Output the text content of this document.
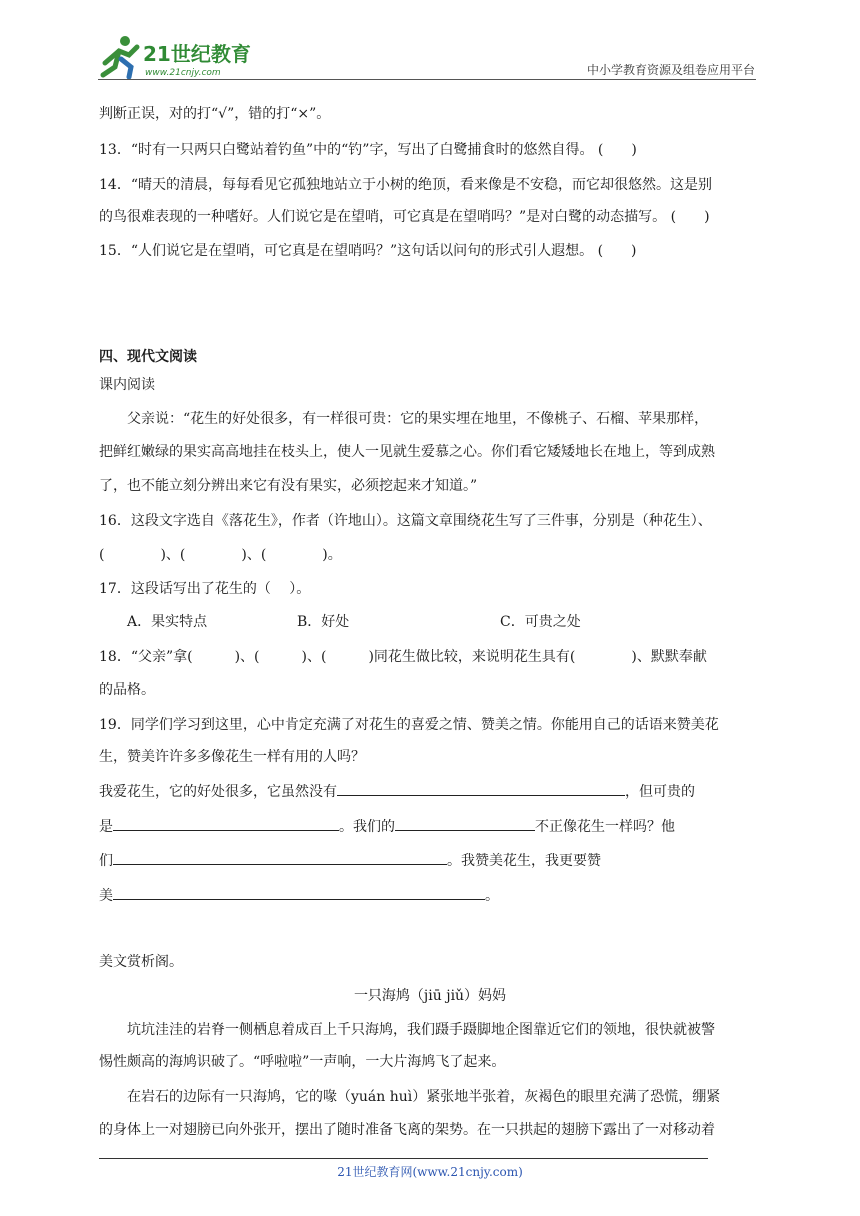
21世纪教育
www.21cnjy.com	中小学教育资源及组卷应用平台
判断正误，对的打“√”，错的打“×”。
13．“时有一只两只白鹭站着钓鱼”中的“钓”字，写出了白鹭捕食时的悠然自得。 (　　)
14．“晴天的清晨，每每看见它孤独地站立于小树的绝顶，看来像是不安稳，而它却很悠然。这是别
的鸟很难表现的一种嗜好。人们说它是在望哨，可它真是在望哨吗？”是对白鹭的动态描写。 (　　)
15．“人们说它是在望哨，可它真是在望哨吗？”这句话以问句的形式引人遐想。 (　　)
四、现代文阅读
课内阅读
父亲说：“花生的好处很多，有一样很可贵：它的果实埋在地里，不像桃子、石榴、苹果那样，
把鲜红嫩绿的果实高高地挂在枝头上，使人一见就生爱慕之心。你们看它矮矮地长在地上，等到成熟
了，也不能立刻分辨出来它有没有果实，必须挖起来才知道。”
16．这段文字选自《落花生》，作者（许地山）。这篇文章围绕花生写了三件事，分别是（种花生）、
(　　　　)、(　　　　)、(　　　　)。
17．这段话写出了花生的（　 ）。
A．果实特点	B．好处	C．可贵之处
18．“父亲”拿(　　　)、(　　　)、(　　　)同花生做比较，来说明花生具有(　　　　)、默默奉献
的品格。
19．同学们学习到这里，心中肯定充满了对花生的喜爱之情、赞美之情。你能用自己的话语来赞美花
生，赞美许许多多像花生一样有用的人吗？
我爱花生，它的好处很多，它虽然没有	，但可贵的
是	。我们的	不正像花生一样吗？他
们	。我赞美花生，我更要赞
美	。
美文赏析阁。
一只海鸠（jiū jiǔ）妈妈
坑坑洼洼的岩脊一侧栖息着成百上千只海鸠，我们蹑手蹑脚地企图靠近它们的领地，很快就被警
惕性颇高的海鸠识破了。“呼啦啦”一声响，一大片海鸠飞了起来。
在岩石的边际有一只海鸠，它的喙（yuán huì）紧张地半张着，灰褐色的眼里充满了恐慌，绷紧
的身体上一对翅膀已向外张开，摆出了随时准备飞离的架势。在一只拱起的翅膀下露出了一对移动着
21世纪教育网(www.21cnjy.com)
